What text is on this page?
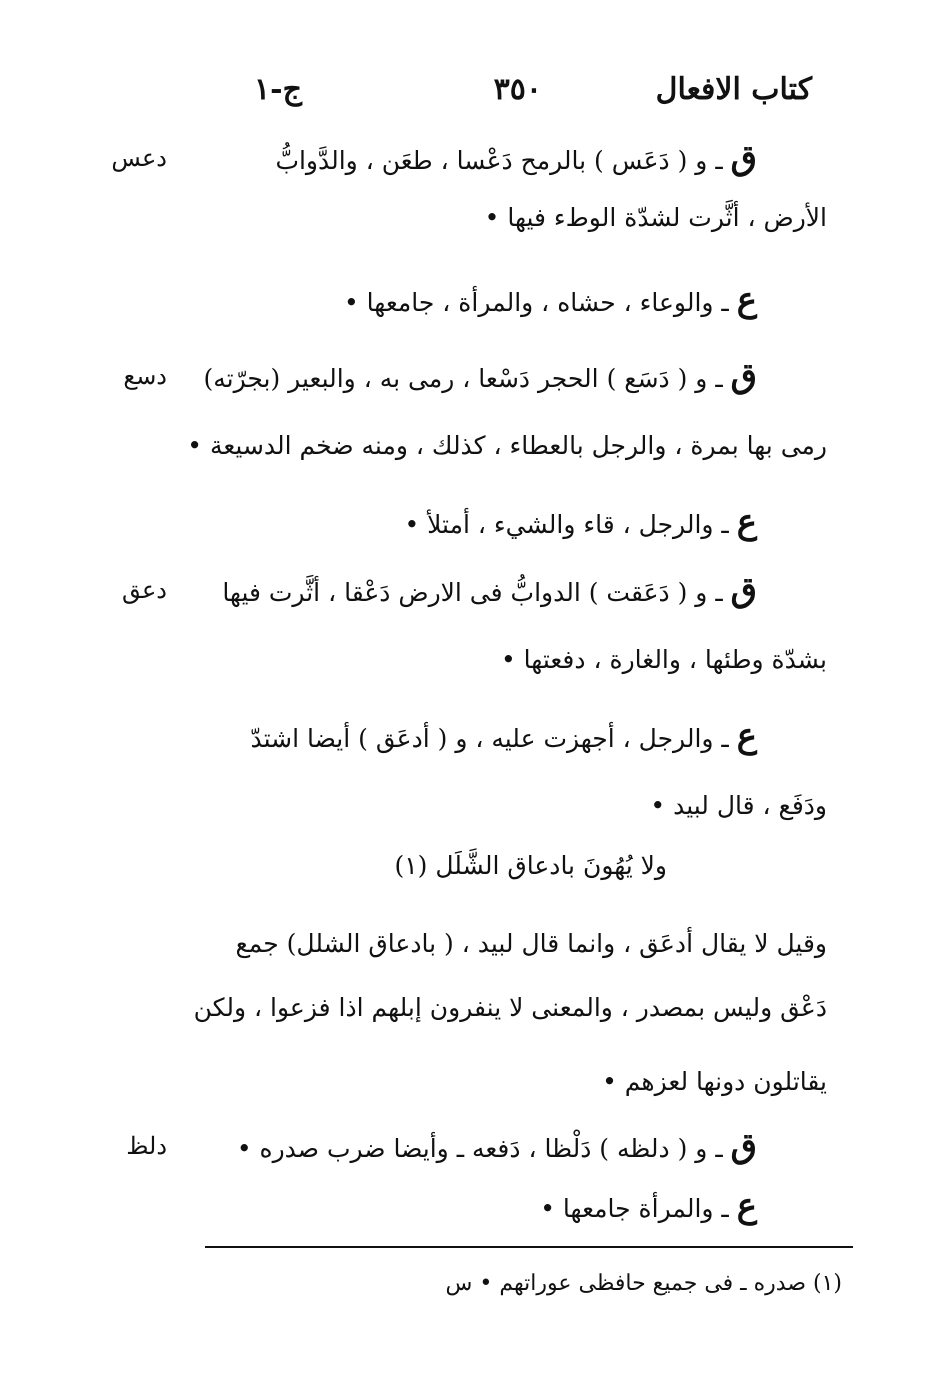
كتاب الافعال
٣٥٠
ج-١
دعس	ق ـ و ( دَعَس ) بالرمح دَعْسا ، طعَن ، والدَّوابُّ
الأرض ، أثَّرت لشدّة الوطء فيها •
ع ـ والوعاء ، حشاه ، والمرأة ، جامعها •
دسع	ق ـ و ( دَسَع ) الحجر دَسْعا ، رمى به ، والبعير (بجرّته)
رمى بها بمرة ، والرجل بالعطاء ، كذلك ، ومنه ضخم الدسيعة •
ع ـ والرجل ، قاء والشيء ، أمتلأ •
دعق	ق ـ و ( دَعَقت ) الدوابُّ فى الارض دَعْقا ، أثَّرت فيها
بشدّة وطئها ، والغارة ، دفعتها •
ع ـ والرجل ، أجهزت عليه ، و ( أدعَق ) أيضا اشتدّ
ودَفَع ، قال لبيد •
ولا يُهُونَ بادعاق الشَّلَل (١)
وقيل لا يقال أدعَق ، وانما قال لبيد ، ( بادعاق الشلل) جمع
دَعْق وليس بمصدر ، والمعنى لا ينفرون إبلهم اذا فزعوا ، ولكن
يقاتلون دونها لعزهم •
دلظ	ق ـ و ( دلظه ) دَلْظا ، دَفعه ـ وأيضا ضرب صدره •
ع ـ والمرأة جامعها •
(١) صدره ـ فى جميع حافظى عوراتهم • س
